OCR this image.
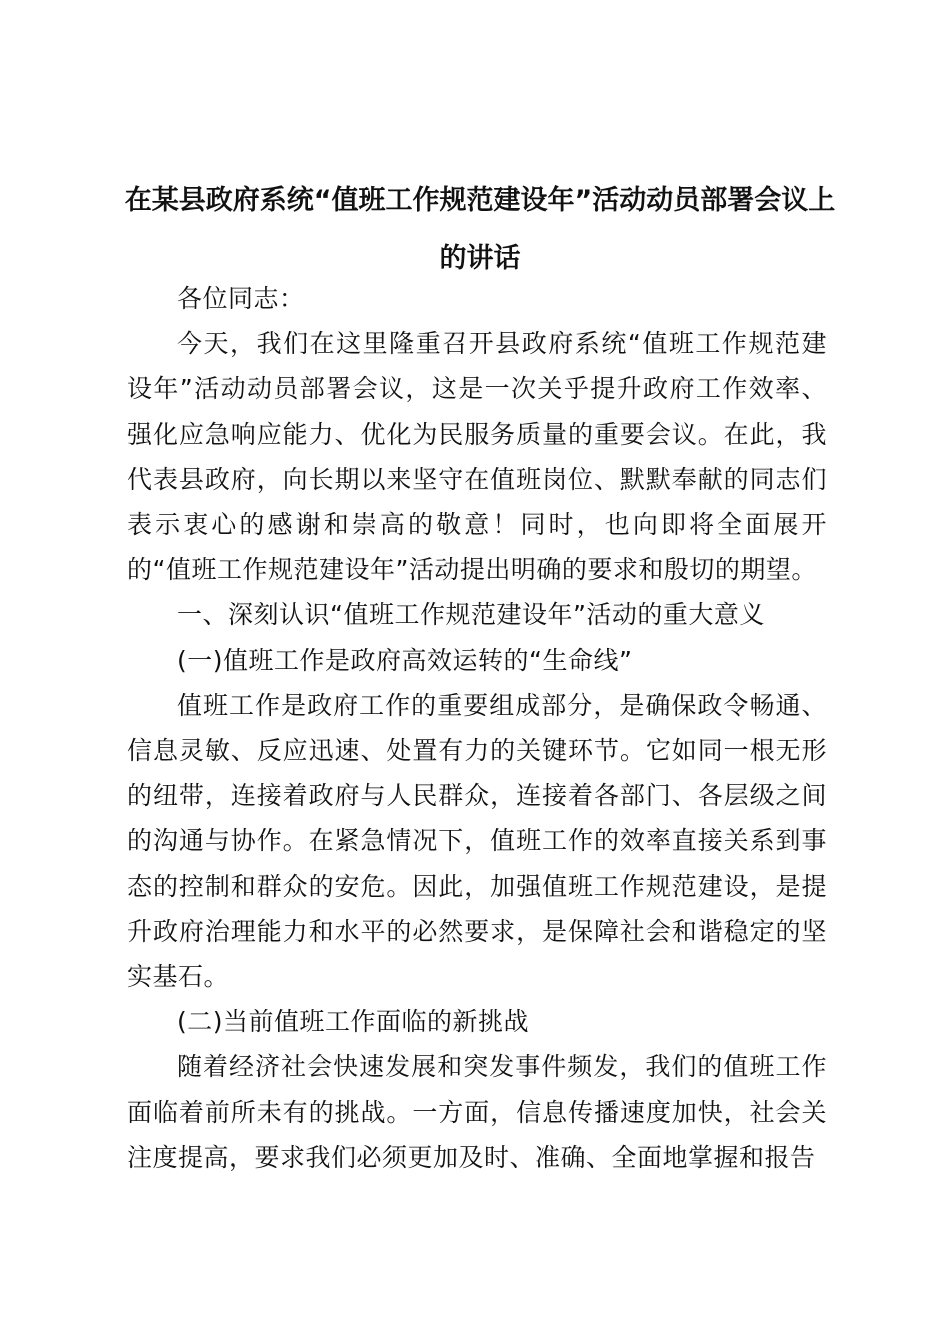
在某县政府系统“值班工作规范建设年”活动动员部署会议上的讲话

各位同志：

今天，我们在这里隆重召开县政府系统“值班工作规范建设年”活动动员部署会议，这是一次关乎提升政府工作效率、强化应急响应能力、优化为民服务质量的重要会议。在此，我代表县政府，向长期以来坚守在值班岗位、默默奉献的同志们表示衷心的感谢和崇高的敬意！同时，也向即将全面展开的“值班工作规范建设年”活动提出明确的要求和殷切的期望。

一、深刻认识“值班工作规范建设年”活动的重大意义

(一)值班工作是政府高效运转的“生命线”

值班工作是政府工作的重要组成部分，是确保政令畅通、信息灵敏、反应迅速、处置有力的关键环节。它如同一根无形的纽带，连接着政府与人民群众，连接着各部门、各层级之间的沟通与协作。在紧急情况下，值班工作的效率直接关系到事态的控制和群众的安危。因此，加强值班工作规范建设，是提升政府治理能力和水平的必然要求，是保障社会和谐稳定的坚实基石。

(二)当前值班工作面临的新挑战

随着经济社会快速发展和突发事件频发，我们的值班工作面临着前所未有的挑战。一方面，信息传播速度加快，社会关注度提高，要求我们必须更加及时、准确、全面地掌握和报告
